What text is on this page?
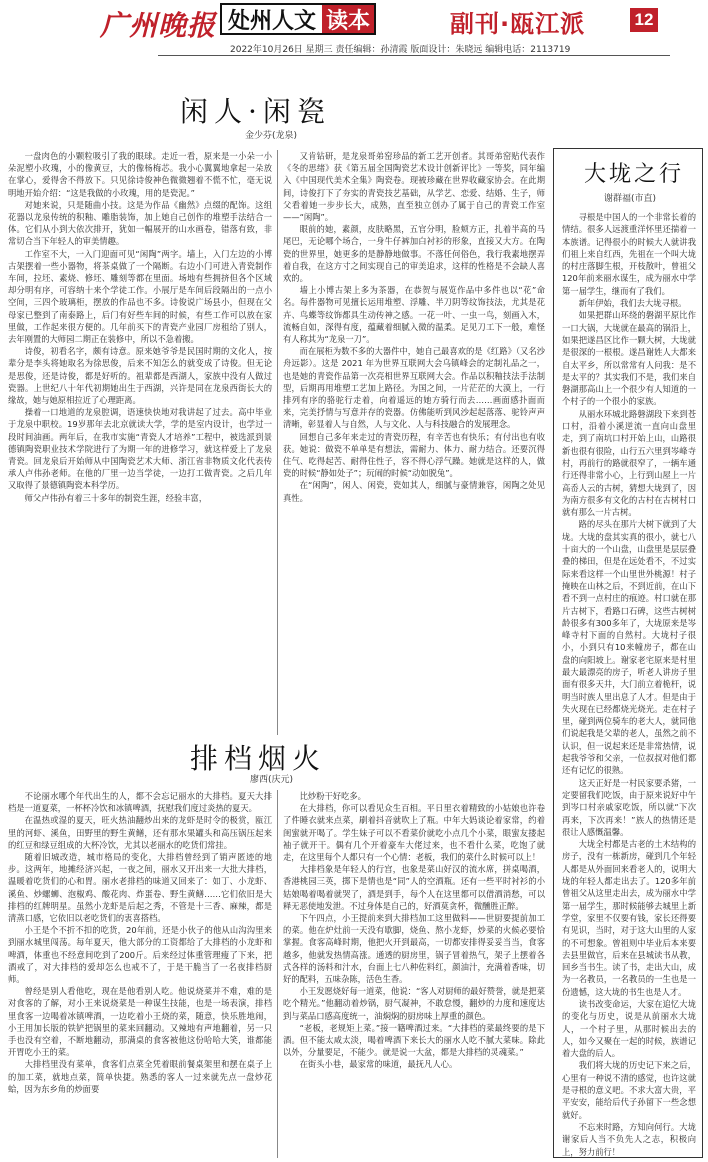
广州晚报 处州人文 读本	副刊·瓯江派	12
2022年10月26日 星期三 责任编辑：孙清霞 版面设计：朱晓远 编辑电话：2113719
闲人·闲瓷
金少芬(龙泉)

一盘肉色的小颗粒吸引了我的眼球。走近一看，原来是一小朵一小朵泥塑小玫瑰，小的像黄豆，大的像杨梅芯。我小心翼翼地拿起一朵放在掌心，爱得舍不得放下。只见徐诗俊神色微微翘着不慌不忙，毫无说明地开始介绍：“这是我做的小玫瑰，用的是瓷泥。”

对她来说，只是随曲小技。这是为作品《幽然》点缀的配饰。这组花器以龙泉传统的积釉、雕脂装饰，加上她自己创作的堆塑手法结合一体。它们从小到大依次排开，犹如一幅展开的山水画卷，错落有致，非常切合当下年轻人的审美情趣。

工作室不大，一入门迎面可见“闲陶”两字。墙上，入门左边的小博古架摆着一些小器物，将茶桌做了一个隔断。右边小门可进入青瓷制作车间，拉坯、素烧、修坯、雕刻等都在里面。场地有些拥挤但各个区域却分明有序，可容纳十来个学徒工作。小展厅是车间后段隔出的一点小空间，三四个玻璃柜，摆放的作品也不多。诗俊说广场县小，但现在父母家已整到了南泰路上，后门有好些车间的时候，有些工作可以放在家里做，工作起来很方便的。几年前买下的青瓷产业园厂房租给了别人，去年刚置的大师园二期正在装修中，所以不急着搬。

诗俊，初看名字，颇有诗意。原来她爷爷是民国时期的文化人，按辈分是李头将她取名为徐思俊，后来不知怎么的就变成了诗俊。但无论是思俊，还是诗俊，都是好听的。祖辈都是西湖人，家族中没有人做过瓷器。上世纪八十年代初期她出生于西湖，兴许是同在龙泉西街长大的缘故，她与她原相拉近了心理距离。

操着一口地道的龙泉腔调，语速快快地对我讲起了过去。高中毕业于龙泉中职校。19岁那年去北京就读大学，学的是室内设计，也学过一段时间油画。两年后，在我市实施“青瓷人才培养”工程中，被选派到景德镇陶瓷职业技术学院进行了为期一年的进修学习，就这样爱上了龙泉青瓷。回龙泉后开始师从中国陶瓷艺术大师、浙江省非物质文化代表传承人卢伟孙老师。在他的厂里一边当学徒，一边打工做青瓷。之后几年又取得了景德镇陶瓷本科学历。

师父卢伟孙有着三十多年的制瓷生涯，经验丰富，

又肯钻研，是龙泉哥弟窑珍品的新工艺开创者。其哥弟窑贴代表作《冬的思绪》获《第五届全国陶瓷艺术设计创新评比》一等奖，同年编入《中国现代美术全集》陶瓷卷。现被珍藏在世界收藏家协会。在此期间，诗俊打下了夯实的青瓷技艺基础，从学艺、恋爱、结婚、生子，师父看着她一步步长大，成熟，直至独立创办了属于自己的青瓷工作室——“闲陶”。

眼前的她，素颜，皮肤略黑，五官分明，脸颊方正，扎着半高的马尾巴，无论哪个场合，一身牛仔裤加白衬衫的形象，直接又大方。在陶瓷的世界里，她更多的是静静地做事。不落任何俗色，我行我素地摆弄着自我，在这方寸之间实现自己的审美追求，这样的性格是不会缺人喜欢的。

墙上小博古架上多为茶器，在恭贺与展览作品中多件也以“花”命名。每件器物可见擅长运用堆塑、浮雕、半刀阴等纹饰技法，尤其是花卉、鸟蝶等纹饰都具生动传神之感。一花一叶、一虫一鸟，刻画入木，流畅自如，深得有度，蕴藏着细腻入微的温柔。足见刀工下一般，难怪有人称其为“龙泉一刀”。

而在展柜为数不多的大器件中，她自己最喜欢的是《红路》（又名沙舟远影）。这是 2021 年为世界互联网大会乌镇峰会的定制礼品之一，也是她的青瓷作品第一次亮相世界互联网大会。作品以积釉技法手法制型，后期再用堆塑工艺加上路径。为国之间，一片茫茫的大漠上，一行排列有序的骆驼行走着，向着遥远的她方骑行而去……画面感扑面而来，完美抒情与写意并存的瓷器。仿佛能听到风沙起起落落、驼铃声声清晰，彰显着人与自然，人与文化、人与科技融合的发展理念。

回想自己多年来走过的青瓷历程，有辛苦也有快乐；有付出也有收获。她说：做瓷不单单是有想法，需耐力、体力、耐力结合。还要沉得住气、吃得起苦、耐得住性子，容不得心浮气躁。她就是这样的人，做瓷的时候“静如处子”；玩闹的时候“动如脱兔”。

在“闲陶”，闲人、闲瓷，瓷如其人，细腻与豪情兼容，闲陶之处见真性。

排档烟火
廖西(庆元)

不论丽水哪个年代出生的人，都不会忘记丽水的大排档。夏天大排档是一道夏菜，一杯杯冷饮和冰镇啤酒，抚慰我们度过炎热的夏天。

在温热或湿的夏天，旺火热油翻炒出来的龙虾是时令的极赏，瓯江里的河虾、溪鱼，田野里的野生黄鳝，还有那水果罐头和高压锅压起来的红豆和绿豆组成的大杯冷饮，尤其以老丽水的吃货们常挂。

随着旧城改造，城市格局的变化，大排档曾经到了销声匿迹的地步。这两年，地摊经济兴起，一夜之间，丽水又开出来一大批大排档，温暖着吃货们的心和胃。丽水老排档的味道又回来了：如丁、小龙虾、溪鱼、炒螺蛳、泡椒鸡、酸花肉、炸蛋卷、野生黄鳝……它们依旧是大排档的红牌明星。虽然小龙虾是后起之秀，不管是十三香、麻辣，都是清蒸口感，它依旧以老吃货们的衷喜搭档。

小王是个不折不扣的吃货，20年前，还是小伙子的他从山沟沟里来到丽水城里闯荡。每年夏天，他大部分的工资都给了大排档的小龙虾和啤酒，体重也不经意间吃到了200斤。后来经过体重管理瘦了下来，把酒戒了，对大排档的爱却怎么也戒不了，于是干脆当了一名夜排档厨师。

曾经是别人看他吃，现在是他看别人吃。他说烧菜并不难，难的是对食客的了解，对小王来说烧菜是一种谋生技能，也是一场表演，排档里食客一边喝着冰镇啤酒，一边吃着小王烧的菜，随意，快乐胜地闹，小王用加长版的铁铲把锅里的菜来回翻动。又辣地有声地翻着，另一只手也没有空着，不断地翻动，那满桌的食客被他这份哈哈大笑，谁都能开胃吃小王的菜。

大排档里没有菜单，食客们点菜全凭着眼前餐桌架里和摆在桌子上的加工菜，就地点菜，简单快捷。熟悉的客人一过来就先点一盘炒花蛤，因为东乡角的炒面要

比炒粉干好吃多。

在大排档，你可以看见众生百相。平日里衣着精致的小姑娘也许卷了件睡衣就来点菜，刷着抖音就吹上了瓶。中年大妈谈论着家常，约着闺蜜就开喝了。学生妹子可以不看菜价就吃小点几个小菜，眼蜜友搂起袖子就开干。偶有几个开着豪车大佬过来，也不看什么菜，吃饱了就走，在这里每个人都只有一个心情：老板，我们的菜什么时候可以上！

大排档象是年轻人的行宫，也象是菜山好汉的流水席，拼桌喝酒，香港桃园三英，掷下是情也是“同”人的空酒瓶。还有一些平时衬衫的小姑娘喝着喝着就哭了，酒是到手，每个人在这里都可以借酒消愁，可以释无恶使地发泄。不过身体是自己的，好酒莫贪杯，微醺胜正醉。

下午四点，小王提前来到大排档加工这里做料——世厨要提前加工的菜。他在炉灶前一天没有歇脚，烧鱼、熬小龙虾，炒菜的火候必要恰掌握。食客高峰时期，他把火开到最高，一切都安排得妥妥当当，食客越多，他就发热情高涨。通透的厨房里，锅子冒着热气，架子上摆着各式各样的汤料和汁水，台面上七八种佐料红，颜油汁，充满着香味，切好的配料，五味杂陈，活色生香。

小王发愿烧好每一道菜，他说：“客人对厨师的最好赞誉，就是把菜吃个精光。”他翻动着炒锅，厨气凝神，不敢怠慢，翻炒的力度和速度达到与菜品口感高度统一，油焖焖的厨房味上厚重的颜色。

“老板，老规矩上菜。”接一籍啤酒过来。“大排档的菜最终要的是下酒。但不能太咸太淡，喝着啤酒下来长大的丽水人吃不腻大菜味。除此以外，分量要足，不能少。就是说一大盆，都是大排档的灵魂菜。”

在街头小巷，最家常的味道，最抚凡人心。

大垅之行
谢群福(市直)

寻根是中国人的一个非常长着的情结。很多人远渡重洋怀里还揣着一本族谱。记得很小的时候大人就讲我们祖上来自红西，先祖在一个叫大垅的村庄落脚生根，开枝散叶，曾祖父120年前来丽水谋生，成为丽水中学第一届学生，继而有了我们。

新年伊始，我们去大垅寻根。

如果把群山环绕的磐湖平原比作一口大锅，大垅就在最高的锅沿上，如果把遂昌区比作一颗大树，大垅就是很深的一根根。遂昌谢姓人大都来自太平乡，所以常常有人问我：是不是太平的？其实我们不是，我们来自磐湖那高山上一个很少有人知道的一个村子的一个很小的家族。

从丽水环城北路磐湖段下来到苍口村，沿着小溪逆流一直向山盘里走，到了南坑口村开始上山，山路很新也很有很险，山行五六里到岑峰寺村，再前行的路就很窄了，一辆车通行还得非常小心，上行到山屋上一片高岙人云的古树，猜想大垅到了，因为南方很多有文化的古村在古树村口就有那么一片古树。

路的尽头在那片大树下就到了大垅。大垅的盘其实真的很小，就七八十亩大的一个山盘，山盘里是层层叠叠的梯田，但是在远处看不，不过实际来看这样一个山里世外桃源！村子掩映在山林之后，不到近前，在山下看不到一点村庄的痕迹。村口就在那片古树下，看路口石碑，这些古树树龄很多有300多年了，大垅原来是岑峰寺村下面的自然村。大垅村子很小，小到只有10来幢房子，都在山盘的向阳坡上。谢家老宅原来是村里最大最漂亮的房子，听老人讲房子里面有很多天井，大门前立着桅杆，说明当时族人里出息了人才。但是由于失火现在已经都烧光烧光。走在村子里，碰到两位骑车的老大人，就同他们说起我是父辈的老人，虽然之前不认识，但一说起来还是非常热情，说起我爷爷和父亲，一位叔叔对他们都还有记忆的很熟。

这天正好是一村民家要杀猪，一定要留我们吃饭，由于原来说好中午到岑口村亲戚家吃饭，所以就“下次再来，下次再来！”族人的热情还是很让人感慨温馨。

大垅全村都是古老的土木结构的房子，没有一栋新房，碰到几个年轻人都是从外面回来看老人的，说明大垅的年轻人都走出去了。120多年前曾祖父从这里走出去，成为丽水中学第一届学生，那时候能够去城里上新学堂，家里不仅要有钱，家长还得要有见识，当时，对于这大山里的人家的不可想象。曾祖则中毕业后本来要去县里做官，后来在县城读书从教，回乡当书生。读了书，走出大山，成为一名教员，一名教员的一生也是一份遗憾，这大垅的书生也是人才。

读书改变命运，大家在追忆大垅的变化与历史，说是从前丽水大垅人，一个村子里，从那时候出去的人，如今又聚在一起的时候，族谱记着大盘的后人。

我们将大垅的历史记下来之后，心里有一种说不清的感觉，也许这就是寻根的意义吧。不求大富大贵，平平安安，能给后代子孙留下一些念想就好。

不忘来时路，方知向何行。大垅谢家后人当不负先人之志，积极向上，努力前行！
